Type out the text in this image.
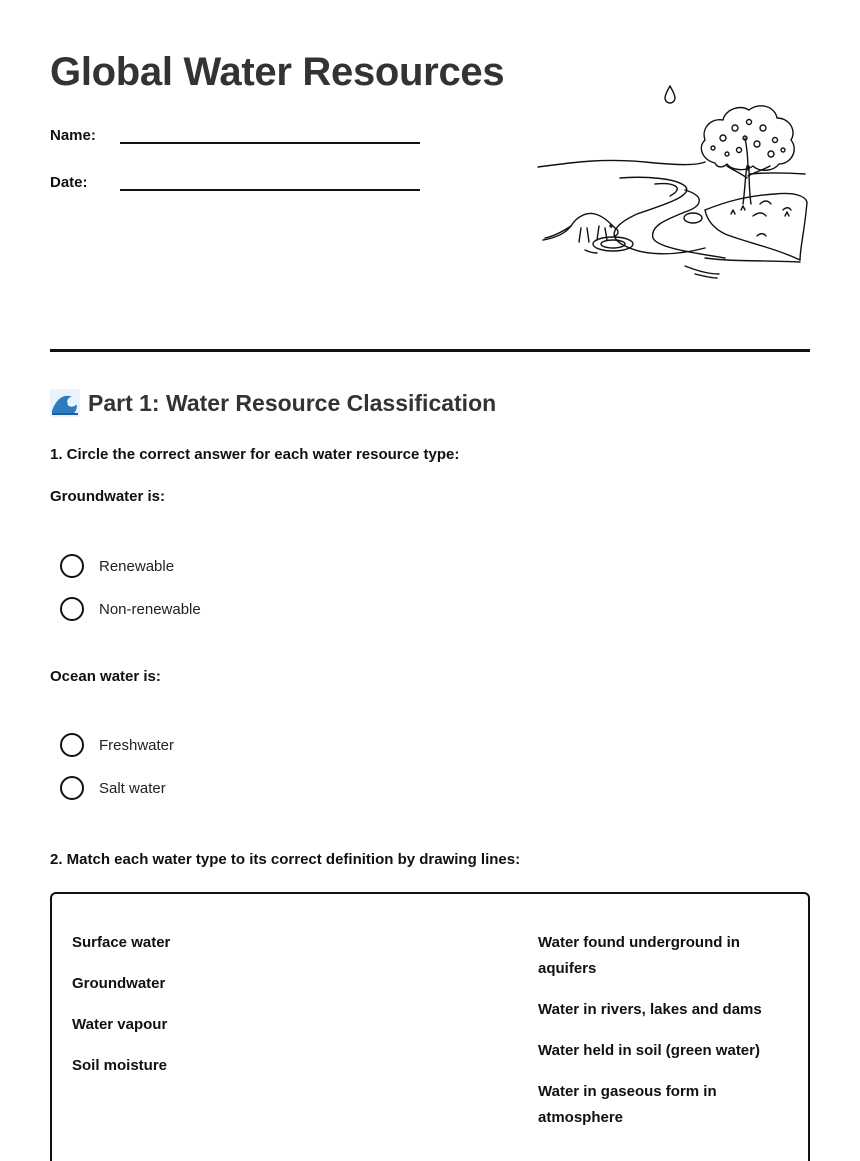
Global Water Resources
Name:
Date:
Part 1: Water Resource Classification
1. Circle the correct answer for each water resource type:
Groundwater is:
Renewable
Non-renewable
Ocean water is:
Freshwater
Salt water
2. Match each water type to its correct definition by drawing lines:
Surface water
Groundwater
Water vapour
Soil moisture
Water found underground in aquifers
Water in rivers, lakes and dams
Water held in soil (green water)
Water in gaseous form in atmosphere
